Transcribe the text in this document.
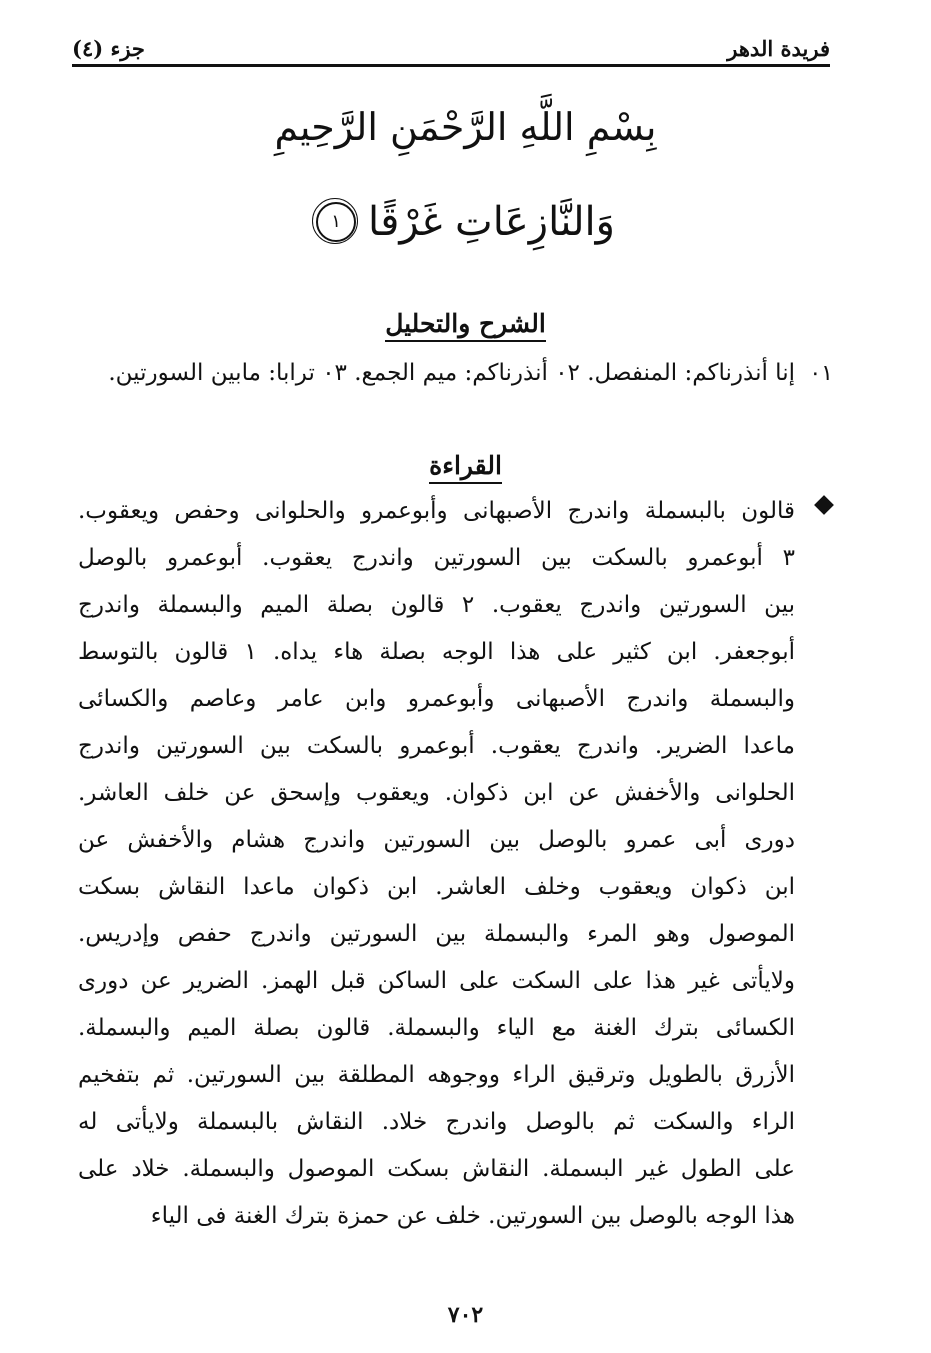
فريدة الدهر
جزء (٤)
بِسْمِ اللَّهِ الرَّحْمَنِ الرَّحِيمِ
وَالنَّازِعَاتِ غَرْقًا
١
الشرح والتحليل
٠١
إنا أنذرناكم: المنفصل. ٠٢ أنذرناكم: ميم الجمع. ٠٣ ترابا: مابين السورتين.
القراءة
قالون بالبسملة واندرج الأصبهانى وأبوعمرو والحلوانى وحفص ويعقوب.
٣ أبوعمرو بالسكت بين السورتين واندرج يعقوب. أبوعمرو بالوصل
بين السورتين واندرج يعقوب. ٢ قالون بصلة الميم والبسملة واندرج
أبوجعفر. ابن كثير على هذا الوجه بصلة هاء يداه. ١ قالون بالتوسط
والبسملة واندرج الأصبهانى وأبوعمرو وابن عامر وعاصم والكسائى
ماعدا الضرير. واندرج يعقوب. أبوعمرو بالسكت بين السورتين واندرج
الحلوانى والأخفش عن ابن ذكوان. ويعقوب وإسحق عن خلف العاشر.
دورى أبى عمرو بالوصل بين السورتين واندرج هشام والأخفش عن
ابن ذكوان ويعقوب وخلف العاشر. ابن ذكوان ماعدا النقاش بسكت
الموصول وهو المرء والبسملة بين السورتين واندرج حفص وإدريس.
ولايأتى غير هذا على السكت على الساكن قبل الهمز. الضرير عن دورى
الكسائى بترك الغنة مع الياء والبسملة. قالون بصلة الميم والبسملة.
الأزرق بالطويل وترقيق الراء ووجوهه المطلقة بين السورتين. ثم بتفخيم
الراء والسكت ثم بالوصل واندرج خلاد. النقاش بالبسملة ولايأتى له
على الطول غير البسملة. النقاش بسكت الموصول والبسملة. خلاد على
هذا الوجه بالوصل بين السورتين. خلف عن حمزة بترك الغنة فى الياء
٧٠٢
